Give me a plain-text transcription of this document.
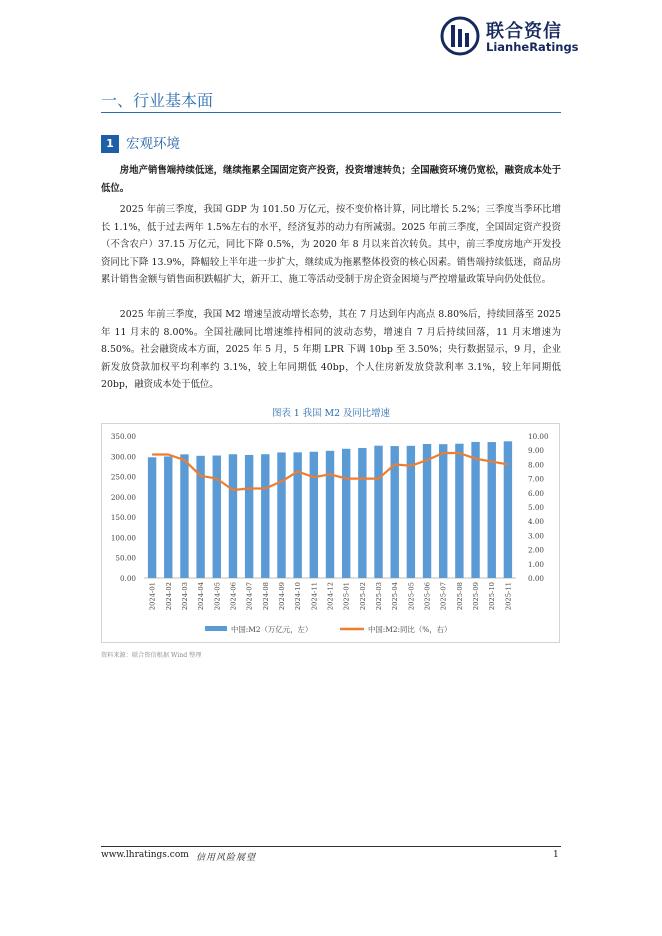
联合资信
LianheRatings
一、行业基本面
1 宏观环境

房地产销售端持续低迷，继续拖累全国固定资产投资，投资增速转负；全国融资环境仍宽松，融资成本处于低位。

2025 年前三季度，我国 GDP 为 101.50 万亿元，按不变价格计算，同比增长 5.2%；三季度当季环比增长 1.1%，低于过去两年 1.5%左右的水平，经济复苏的动力有所减弱。2025 年前三季度，全国固定资产投资（不含农户）37.15 万亿元，同比下降 0.5%，为 2020 年 8 月以来首次转负。其中，前三季度房地产开发投资同比下降 13.9%，降幅较上半年进一步扩大，继续成为拖累整体投资的核心因素。销售端持续低迷，商品房累计销售金额与销售面积跌幅扩大，新开工、施工等活动受制于房企资金困境与严控增量政策导向仍处低位。

2025 年前三季度，我国 M2 增速呈波动增长态势，其在 7 月达到年内高点 8.80%后，持续回落至 2025 年 11 月末的 8.00%。全国社融同比增速维持相同的波动态势，增速自 7 月后持续回落，11 月末增速为 8.50%。社会融资成本方面，2025 年 5 月，5 年期 LPR 下调 10bp 至 3.50%；央行数据显示，9 月，企业新发放贷款加权平均利率约 3.1%，较上年同期低 40bp，个人住房新发放贷款利率 3.1%，较上年同期低 20bp，融资成本处于低位。

图表 1 我国 M2 及同比增速
0.00
50.00
100.00
150.00
200.00
250.00
300.00
350.00
0.00
1.00
2.00
3.00
4.00
5.00
6.00
7.00
8.00
9.00
10.00
2024-01 2024-02 2024-03 2024-04 2024-05 2024-06 2024-07 2024-08 2024-09 2024-10 2024-11 2024-12 2025-01 2025-02 2025-03 2025-04 2025-05 2025-06 2025-07 2025-08 2025-09 2025-10 2025-11
中国:M2（万亿元，左）	中国:M2:同比（%，右）
资料来源：联合资信根据 Wind 整理
www.lhratings.com 信用风险展望	1
